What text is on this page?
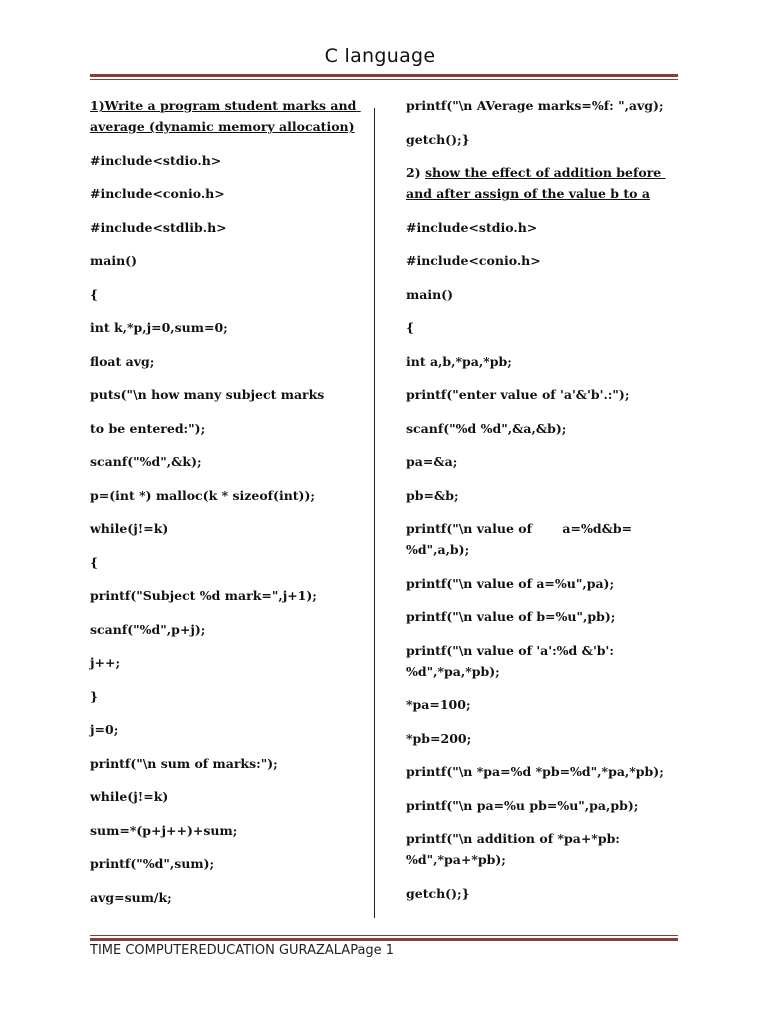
C language
1)Write a program student marks and average (dynamic memory allocation)
#include<stdio.h>
#include<conio.h>
#include<stdlib.h>
main()
{
int k,*p,j=0,sum=0;
float avg;
puts("\n how many subject marks
to be entered:");
scanf("%d",&k);
p=(int *) malloc(k * sizeof(int));
while(j!=k)
{
printf("Subject %d mark=",j+1);
scanf("%d",p+j);
j++;
}
j=0;
printf("\n sum of marks:");
while(j!=k)
sum=*(p+j++)+sum;
printf("%d",sum);
avg=sum/k;
printf("\n AVerage marks=%f: ",avg);
getch();}
2) show the effect of addition before and after assign of the value b to a
#include<stdio.h>
#include<conio.h>
main()
{
int a,b,*pa,*pb;
printf("enter value of 'a'&'b'.:");
scanf("%d %d",&a,&b);
pa=&a;
pb=&b;
printf("\n value of       a=%d&b=
%d",a,b);
printf("\n value of a=%u",pa);
printf("\n value of b=%u",pb);
printf("\n value of 'a':%d &'b':
%d",*pa,*pb);
*pa=100;
*pb=200;
printf("\n *pa=%d *pb=%d",*pa,*pb);
printf("\n pa=%u pb=%u",pa,pb);
printf("\n addition of *pa+*pb:
%d",*pa+*pb);
getch();}
TIME COMPUTEREDUCATION GURAZALAPage 1
